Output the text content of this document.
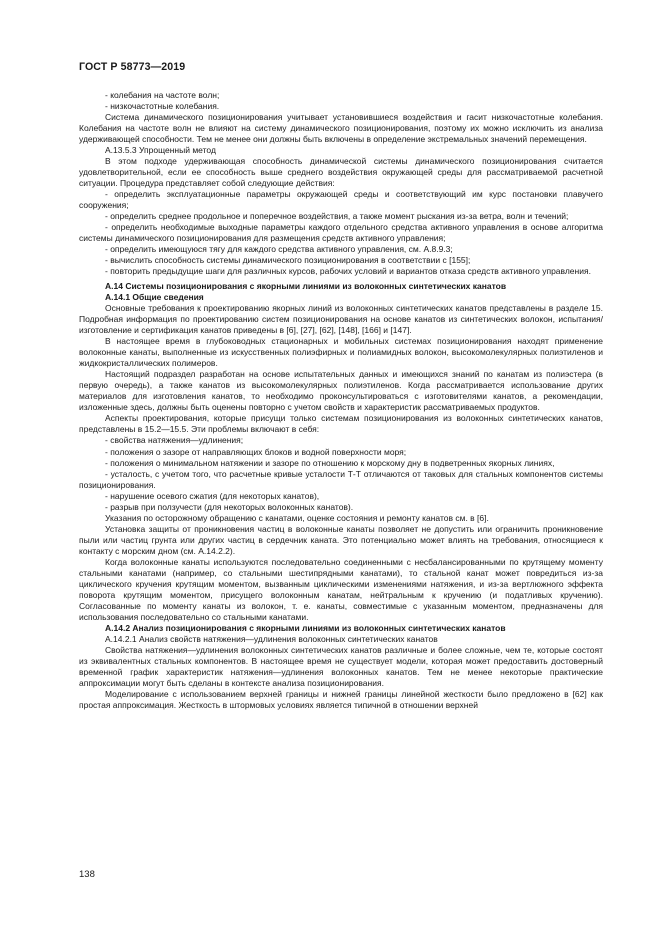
ГОСТ Р 58773—2019

- колебания на частоте волн;

- низкочастотные колебания.

Система динамического позиционирования учитывает установившиеся воздействия и гасит низкочастотные колебания. Колебания на частоте волн не влияют на систему динамического позиционирования, поэтому их можно исключить из анализа удерживающей способности. Тем не менее они должны быть включены в определение экстремальных значений перемещения.

А.13.5.3 Упрощенный метод

В этом подходе удерживающая способность динамической системы динамического позиционирования считается удовлетворительной, если ее способность выше среднего воздействия окружающей среды для рассматриваемой расчетной ситуации. Процедура представляет собой следующие действия:

- определить эксплуатационные параметры окружающей среды и соответствующий им курс постановки плавучего сооружения;

- определить среднее продольное и поперечное воздействия, а также момент рыскания из-за ветра, волн и течений;

- определить необходимые выходные параметры каждого отдельного средства активного управления в основе алгоритма системы динамического позиционирования для размещения средств активного управления;

- определить имеющуюся тягу для каждого средства активного управления, см. А.8.9.3;

- вычислить способность системы динамического позиционирования в соответствии с [155];

- повторить предыдущие шаги для различных курсов, рабочих условий и вариантов отказа средств активного управления.

А.14 Системы позиционирования с якорными линиями из волоконных синтетических канатов

А.14.1 Общие сведения

Основные требования к проектированию якорных линий из волоконных синтетических канатов представлены в разделе 15. Подробная информация по проектированию систем позиционирования на основе канатов из синтетических волокон, испытания/изготовление и сертификация канатов приведены в [6], [27], [62], [148], [166] и [147].

В настоящее время в глубоководных стационарных и мобильных системах позиционирования находят применение волоконные канаты, выполненные из искусственных полиэфирных и полиамидных волокон, высокомолекулярных полиэтиленов и жидкокристаллических полимеров.

Настоящий подраздел разработан на основе испытательных данных и имеющихся знаний по канатам из полиэстера (в первую очередь), а также канатов из высокомолекулярных полиэтиленов. Когда рассматривается использование других материалов для изготовления канатов, то необходимо проконсультироваться с изготовителями канатов, а рекомендации, изложенные здесь, должны быть оценены повторно с учетом свойств и характеристик рассматриваемых продуктов.

Аспекты проектирования, которые присущи только системам позиционирования из волоконных синтетических канатов, представлены в 15.2—15.5. Эти проблемы включают в себя:

- свойства натяжения—удлинения;

- положения о зазоре от направляющих блоков и водной поверхности моря;

- положения о минимальном натяжении и зазоре по отношению к морскому дну в подветренных якорных линиях,

- усталость, с учетом того, что расчетные кривые усталости Т-Т отличаются от таковых для стальных компонентов системы позиционирования.

- нарушение осевого сжатия (для некоторых канатов),

- разрыв при ползучести (для некоторых волоконных канатов).

Указания по осторожному обращению с канатами, оценке состояния и ремонту канатов см. в [6].

Установка защиты от проникновения частиц в волоконные канаты позволяет не допустить или ограничить проникновение пыли или частиц грунта или других частиц в сердечник каната. Это потенциально может влиять на требования, относящиеся к контакту с морским дном (см. А.14.2.2).

Когда волоконные канаты используются последовательно соединенными с несбалансированными по крутящему моменту стальными канатами (например, со стальными шестипрядными канатами), то стальной канат может повредиться из-за циклического кручения крутящим моментом, вызванным циклическими изменениями натяжения, и из-за вертлюжного эффекта поворота крутящим моментом, присущего волоконным канатам, нейтральным к кручению (и податливых кручению). Согласованные по моменту канаты из волокон, т. е. канаты, совместимые с указанным моментом, предназначены для использования последовательно со стальными канатами.

А.14.2 Анализ позиционирования с якорными линиями из волоконных синтетических канатов

А.14.2.1 Анализ свойств натяжения—удлинения волоконных синтетических канатов

Свойства натяжения—удлинения волоконных синтетических канатов различные и более сложные, чем те, которые состоят из эквивалентных стальных компонентов. В настоящее время не существует модели, которая может предоставить достоверный временной график характеристик натяжения—удлинения волоконных канатов. Тем не менее некоторые практические аппроксимации могут быть сделаны в контексте анализа позиционирования.

Моделирование с использованием верхней границы и нижней границы линейной жесткости было предложено в [62] как простая аппроксимация. Жесткость в штормовых условиях является типичной в отношении верхней

138
